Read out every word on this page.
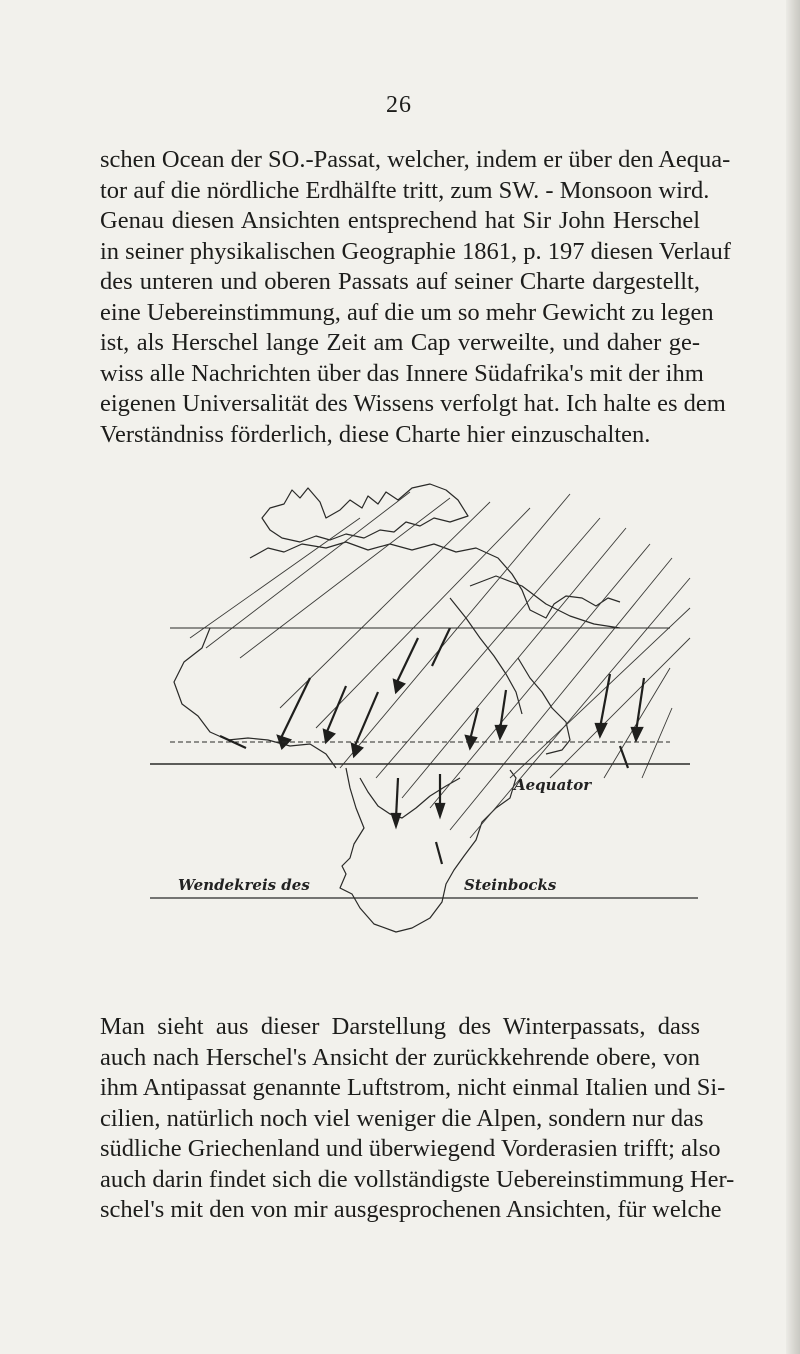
26

schen Ocean der SO.-Passat, welcher, indem er über den Aequa-
tor auf die nördliche Erdhälfte tritt, zum SW. - Monsoon wird.
Genau diesen Ansichten entsprechend hat Sir John Herschel
in seiner physikalischen Geographie 1861, p. 197 diesen Verlauf
des unteren und oberen Passats auf seiner Charte dargestellt,
eine Uebereinstimmung, auf die um so mehr Gewicht zu legen
ist, als Herschel lange Zeit am Cap verweilte, und daher ge-
wiss alle Nachrichten über das Innere Südafrika's mit der ihm
eigenen Universalität des Wissens verfolgt hat. Ich halte es dem
Verständniss förderlich, diese Charte hier einzuschalten.

Aequator
Wendekreis des	Steinbocks

Man sieht aus dieser Darstellung des Winterpassats, dass
auch nach Herschel's Ansicht der zurückkehrende obere, von
ihm Antipassat genannte Luftstrom, nicht einmal Italien und Si-
cilien, natürlich noch viel weniger die Alpen, sondern nur das
südliche Griechenland und überwiegend Vorderasien trifft; also
auch darin findet sich die vollständigste Uebereinstimmung Her-
schel's mit den von mir ausgesprochenen Ansichten, für welche
